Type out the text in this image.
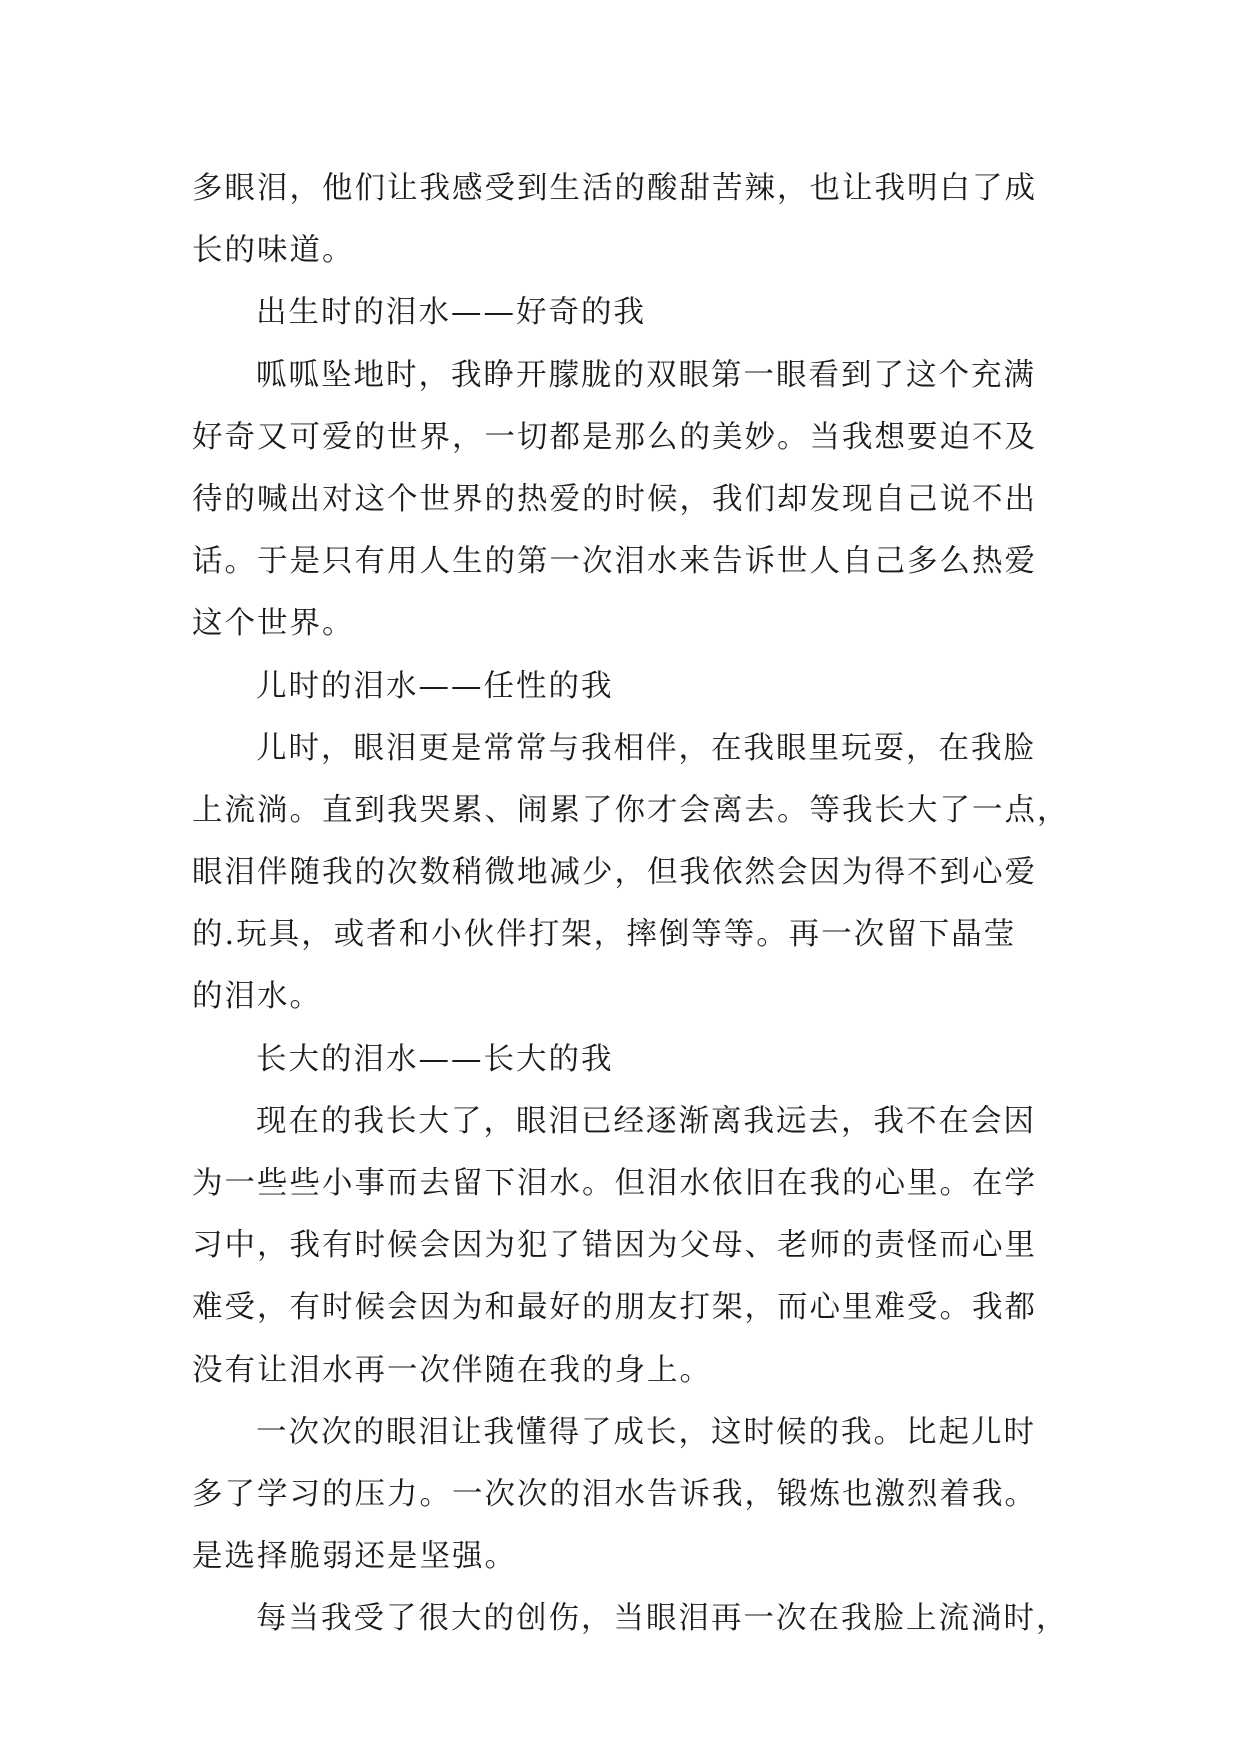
多眼泪，他们让我感受到生活的酸甜苦辣，也让我明白了成

长的味道。

出生时的泪水——好奇的我

呱呱坠地时，我睁开朦胧的双眼第一眼看到了这个充满

好奇又可爱的世界，一切都是那么的美妙。当我想要迫不及

待的喊出对这个世界的热爱的时候，我们却发现自己说不出

话。于是只有用人生的第一次泪水来告诉世人自己多么热爱

这个世界。

儿时的泪水——任性的我

儿时，眼泪更是常常与我相伴，在我眼里玩耍，在我脸

上流淌。直到我哭累、闹累了你才会离去。等我长大了一点，

眼泪伴随我的次数稍微地减少，但我依然会因为得不到心爱

的.玩具，或者和小伙伴打架，摔倒等等。再一次留下晶莹

的泪水。

长大的泪水——长大的我

现在的我长大了，眼泪已经逐渐离我远去，我不在会因

为一些些小事而去留下泪水。但泪水依旧在我的心里。在学

习中，我有时候会因为犯了错因为父母、老师的责怪而心里

难受，有时候会因为和最好的朋友打架，而心里难受。我都

没有让泪水再一次伴随在我的身上。

一次次的眼泪让我懂得了成长，这时候的我。比起儿时

多了学习的压力。一次次的泪水告诉我，锻炼也激烈着我。

是选择脆弱还是坚强。

每当我受了很大的创伤，当眼泪再一次在我脸上流淌时，
